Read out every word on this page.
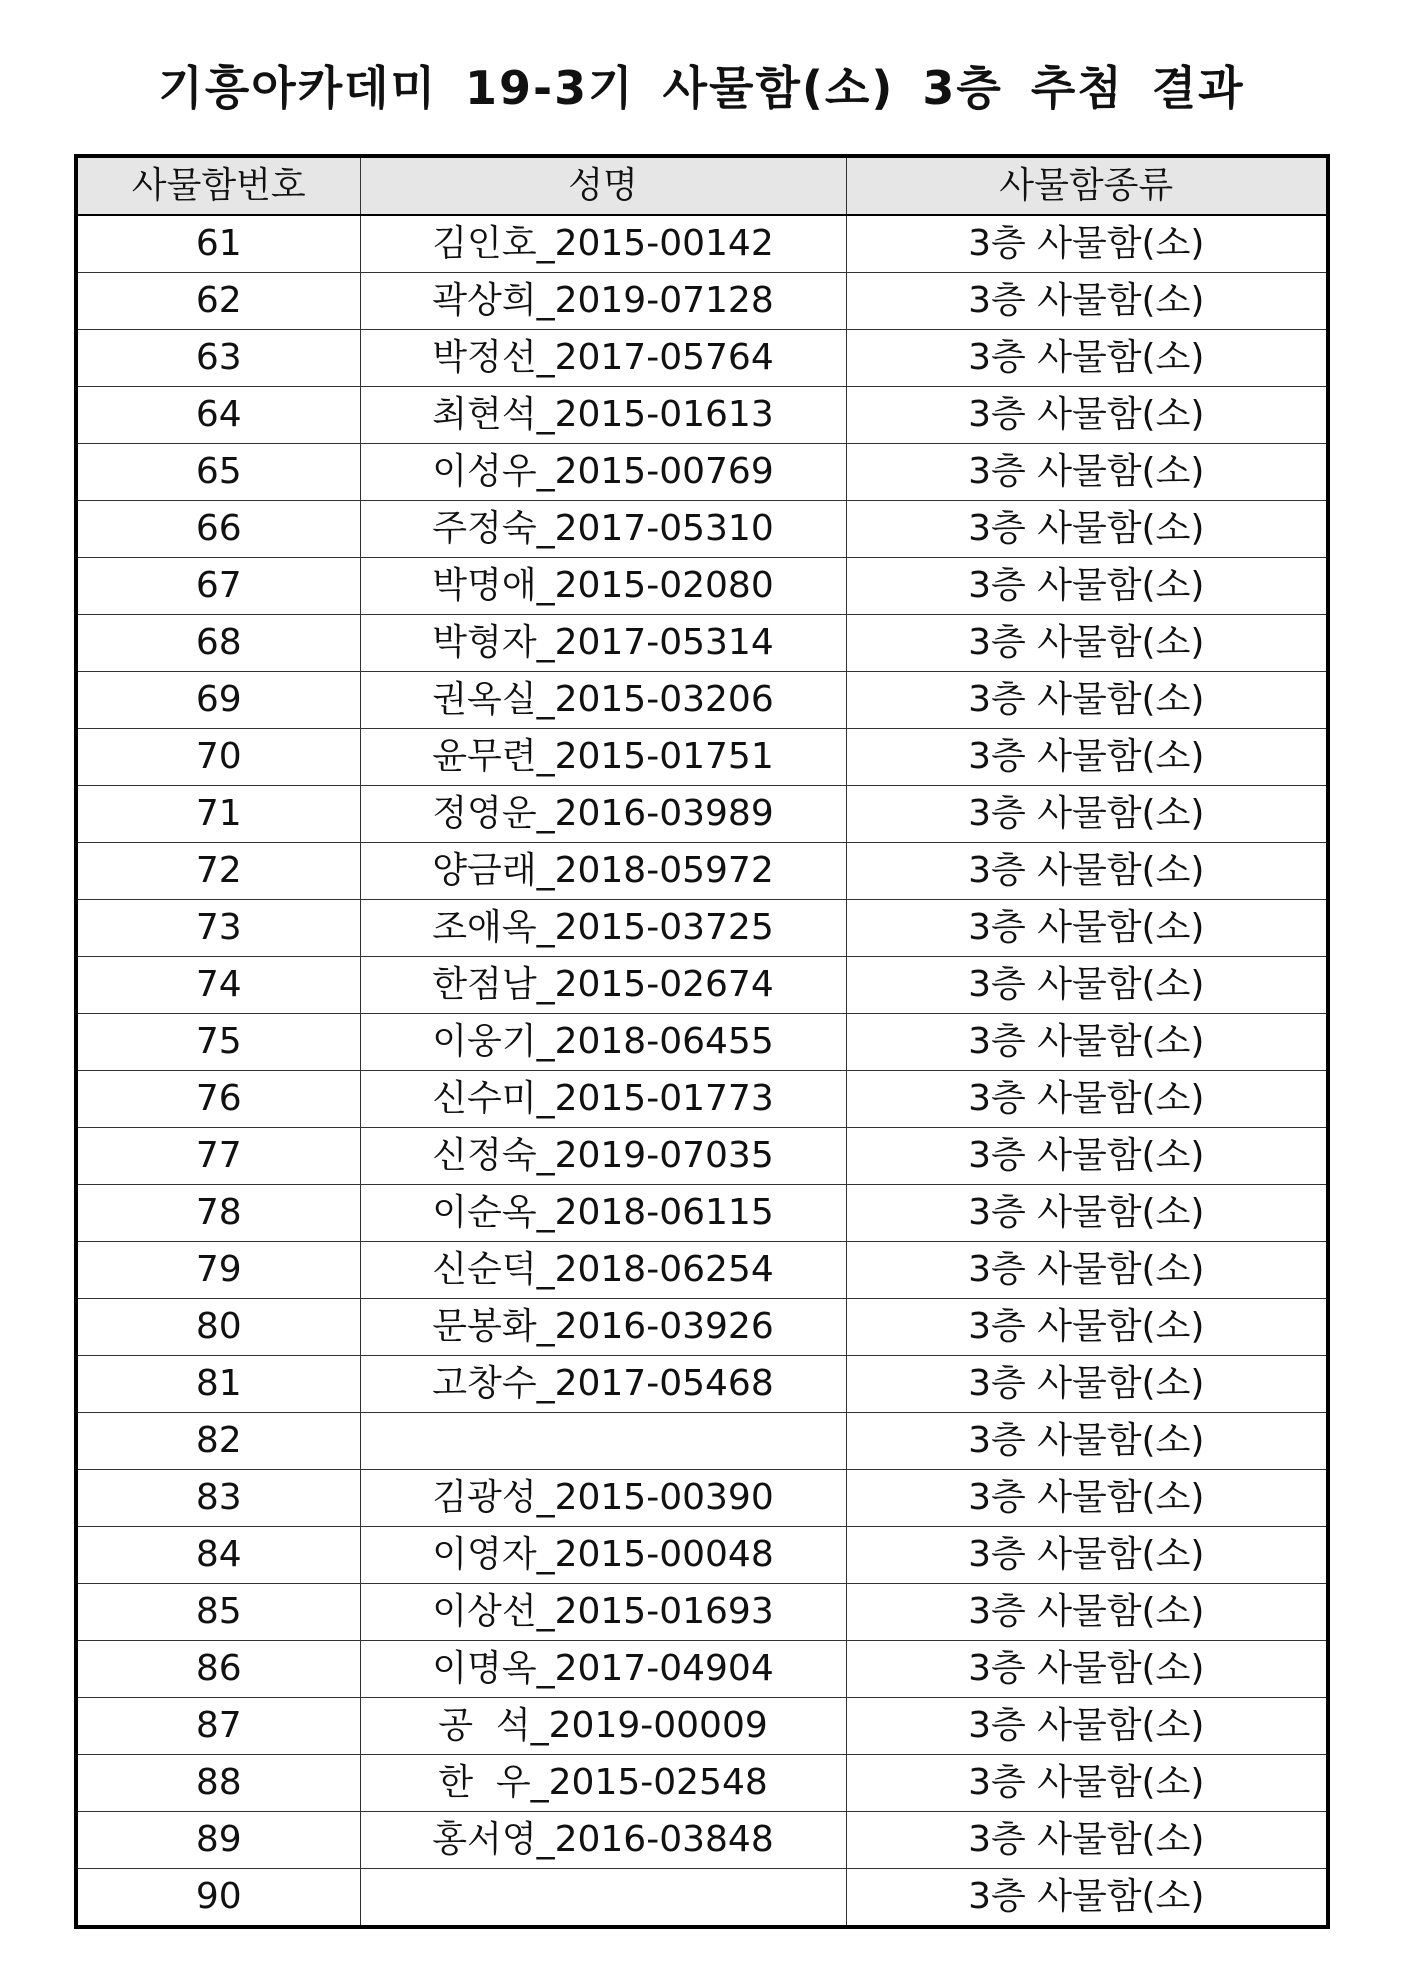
기흥아카데미 19-3기 사물함(소) 3층 추첨 결과
사물함번호	성명	사물함종류
61	김인호_2015-00142	3층 사물함(소)
62	곽상희_2019-07128	3층 사물함(소)
63	박정선_2017-05764	3층 사물함(소)
64	최현석_2015-01613	3층 사물함(소)
65	이성우_2015-00769	3층 사물함(소)
66	주정숙_2017-05310	3층 사물함(소)
67	박명애_2015-02080	3층 사물함(소)
68	박형자_2017-05314	3층 사물함(소)
69	권옥실_2015-03206	3층 사물함(소)
70	윤무련_2015-01751	3층 사물함(소)
71	정영운_2016-03989	3층 사물함(소)
72	양금래_2018-05972	3층 사물함(소)
73	조애옥_2015-03725	3층 사물함(소)
74	한점남_2015-02674	3층 사물함(소)
75	이웅기_2018-06455	3층 사물함(소)
76	신수미_2015-01773	3층 사물함(소)
77	신정숙_2019-07035	3층 사물함(소)
78	이순옥_2018-06115	3층 사물함(소)
79	신순덕_2018-06254	3층 사물함(소)
80	문봉화_2016-03926	3층 사물함(소)
81	고창수_2017-05468	3층 사물함(소)
82		3층 사물함(소)
83	김광성_2015-00390	3층 사물함(소)
84	이영자_2015-00048	3층 사물함(소)
85	이상선_2015-01693	3층 사물함(소)
86	이명옥_2017-04904	3층 사물함(소)
87	공  석_2019-00009	3층 사물함(소)
88	한  우_2015-02548	3층 사물함(소)
89	홍서영_2016-03848	3층 사물함(소)
90		3층 사물함(소)
